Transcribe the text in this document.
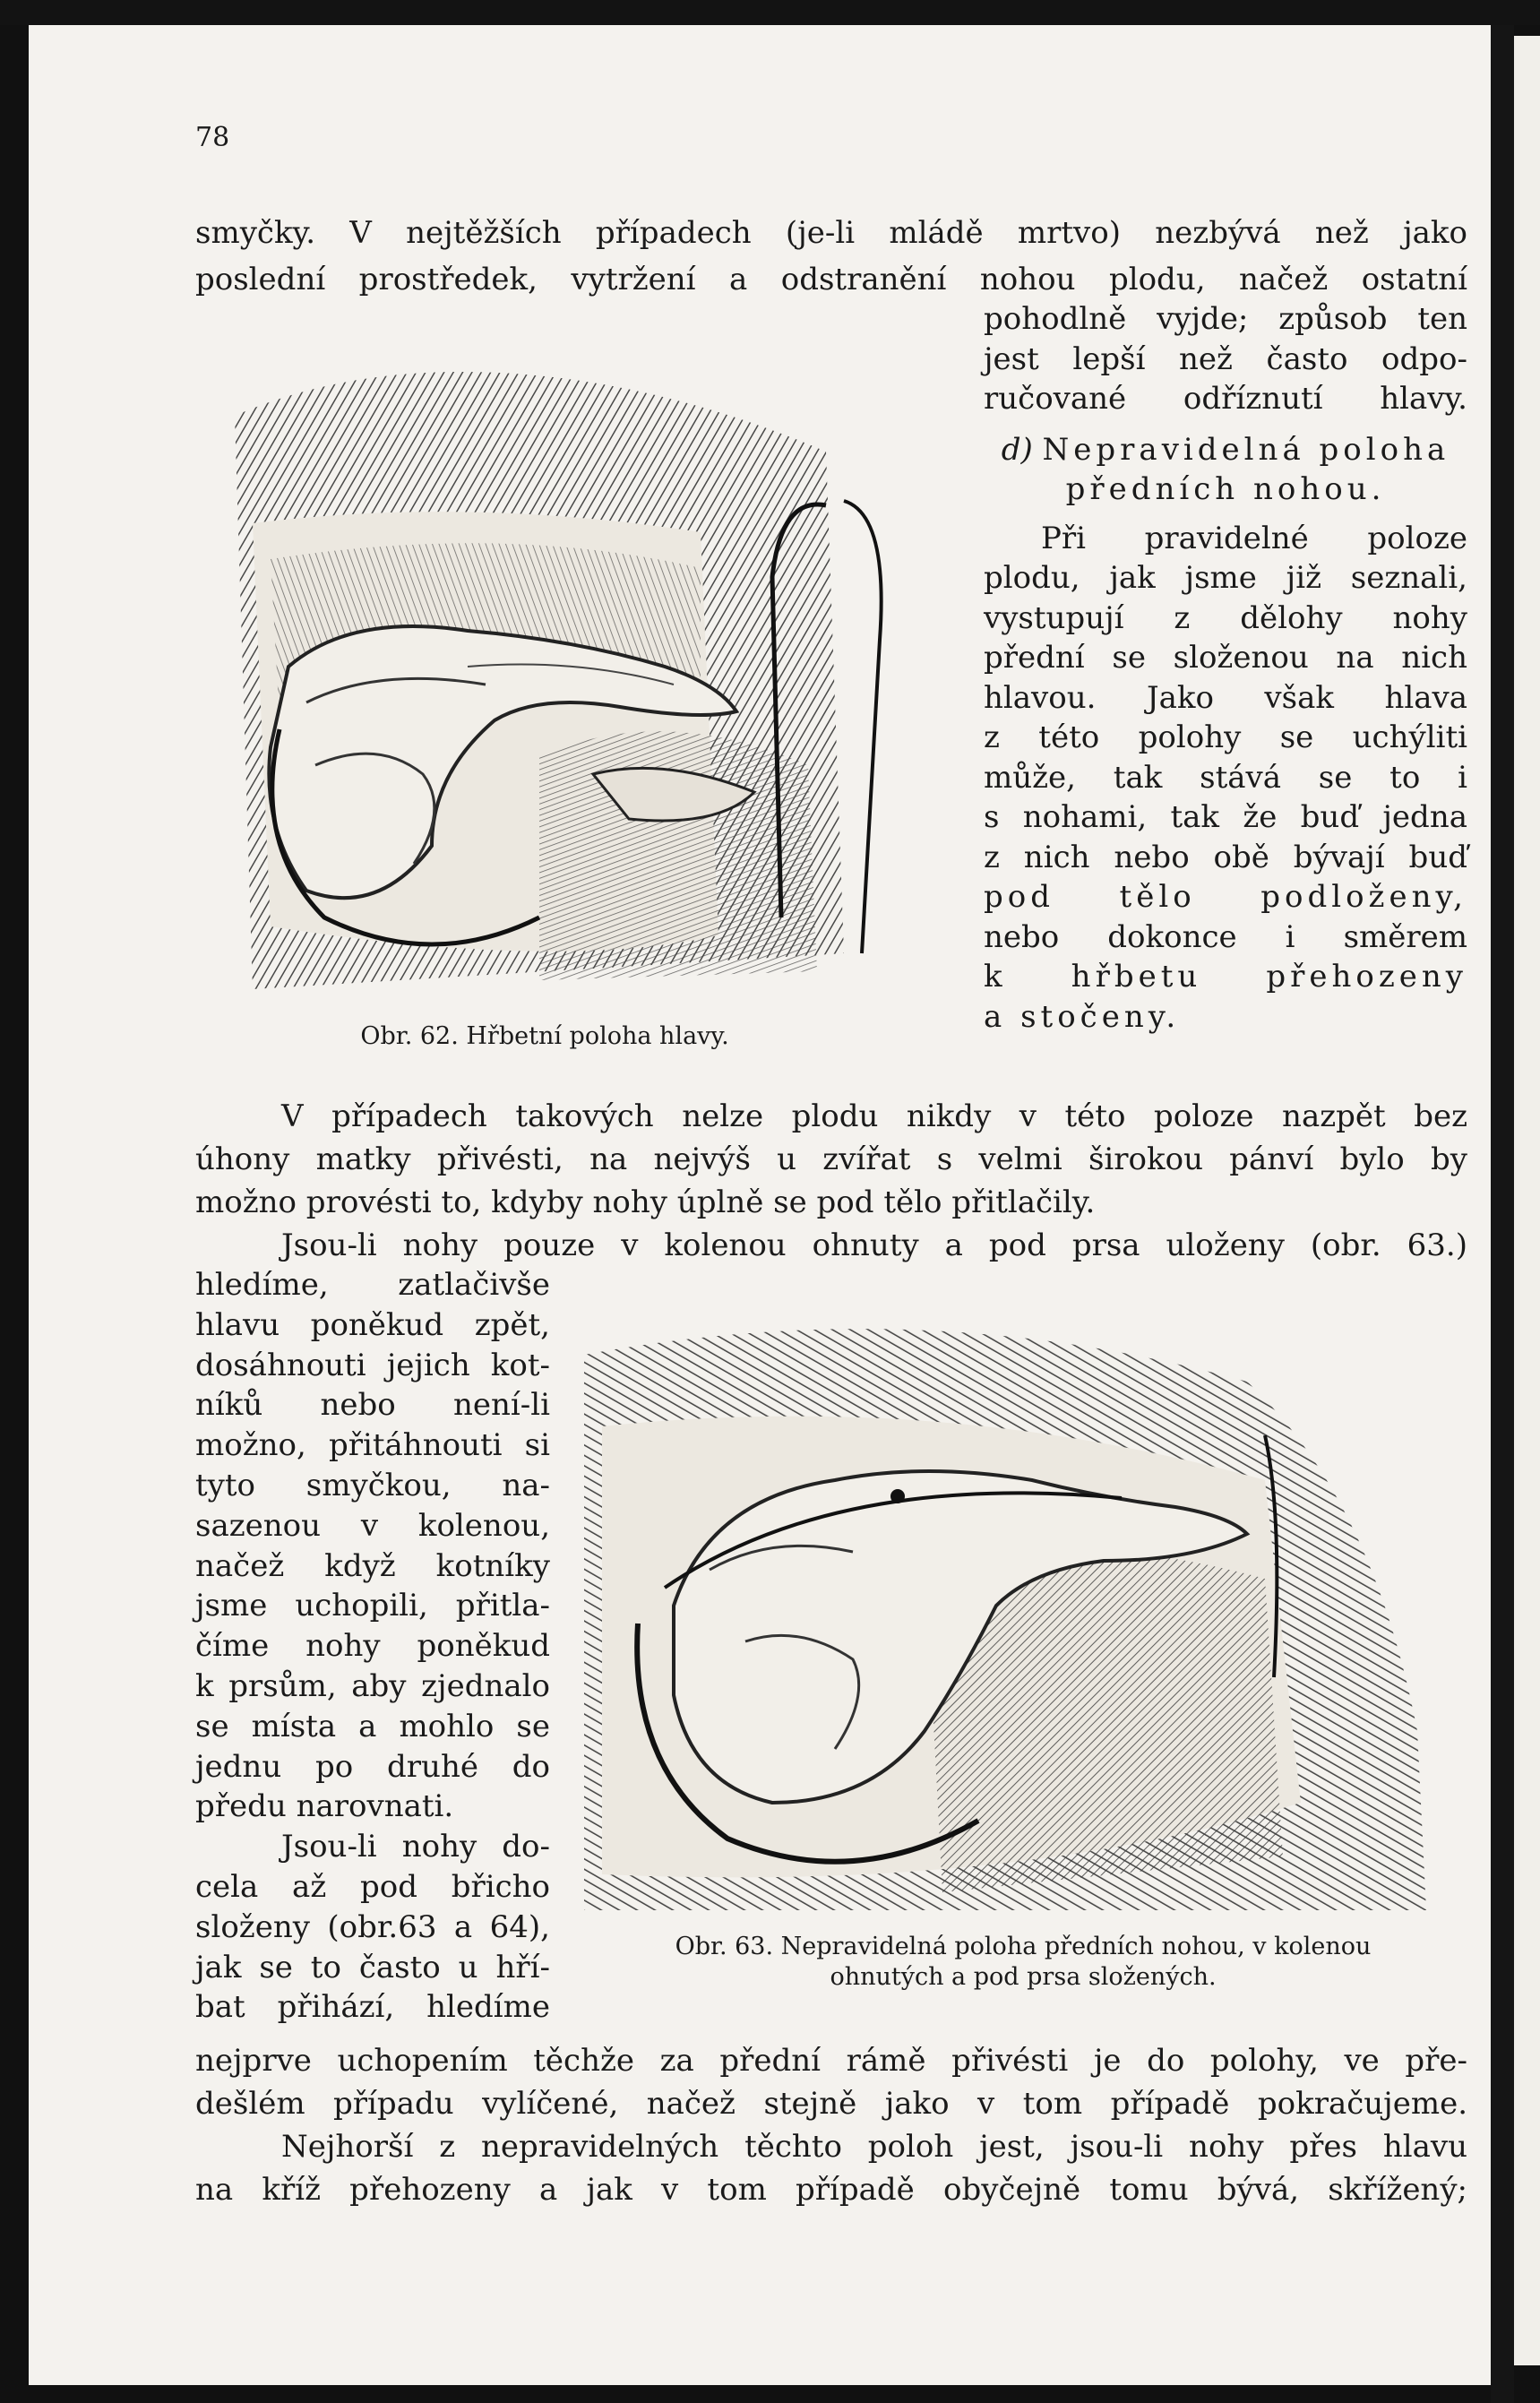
78
smyčky. V nejtěžších případech (je-li mládě mrtvo) nezbývá než jako
poslední prostředek, vytržení a odstranění nohou plodu, načež ostatní
pohodlně vyjde; způsob ten
jest lepší než často odpo-
ručované odříznutí hlavy.
d) Nepravidelná poloha
předních nohou.
Při pravidelné poloze
plodu, jak jsme již seznali,
vystupují z dělohy nohy
přední se složenou na nich
hlavou. Jako však hlava
z této polohy se uchýliti
může, tak stává se to i
s nohami, tak že buď jedna
z nich nebo obě bývají buď
pod tělo podloženy,
nebo dokonce i směrem
k hřbetu přehozeny
a stočeny.
Obr. 62. Hřbetní poloha hlavy.
V případech takových nelze plodu nikdy v této poloze nazpět bez
úhony matky přivésti, na nejvýš u zvířat s velmi širokou pánví bylo by
možno provésti to, kdyby nohy úplně se pod tělo přitlačily.
Jsou-li nohy pouze v kolenou ohnuty a pod prsa uloženy (obr. 63.)
hledíme, zatlačivše
hlavu poněkud zpět,
dosáhnouti jejich kot-
níků nebo není-li
možno, přitáhnouti si
tyto smyčkou, na-
sazenou v kolenou,
načež když kotníky
jsme uchopili, přitla-
číme nohy poněkud
k prsům, aby zjednalo
se místa a mohlo se
jednu po druhé do
předu narovnati.
Jsou-li nohy do-
cela až pod břicho
složeny (obr.63 a 64),
jak se to často u hří-
bat přihází, hledíme
Obr. 63. Nepravidelná poloha předních nohou, v kolenou
ohnutých a pod prsa složených.
nejprve uchopením těchže za přední rámě přivésti je do polohy, ve pře-
dešlém případu vylíčené, načež stejně jako v tom případě pokračujeme.
Nejhorší z nepravidelných těchto poloh jest, jsou-li nohy přes hlavu
na kříž přehozeny a jak v tom případě obyčejně tomu bývá, skřížený;
